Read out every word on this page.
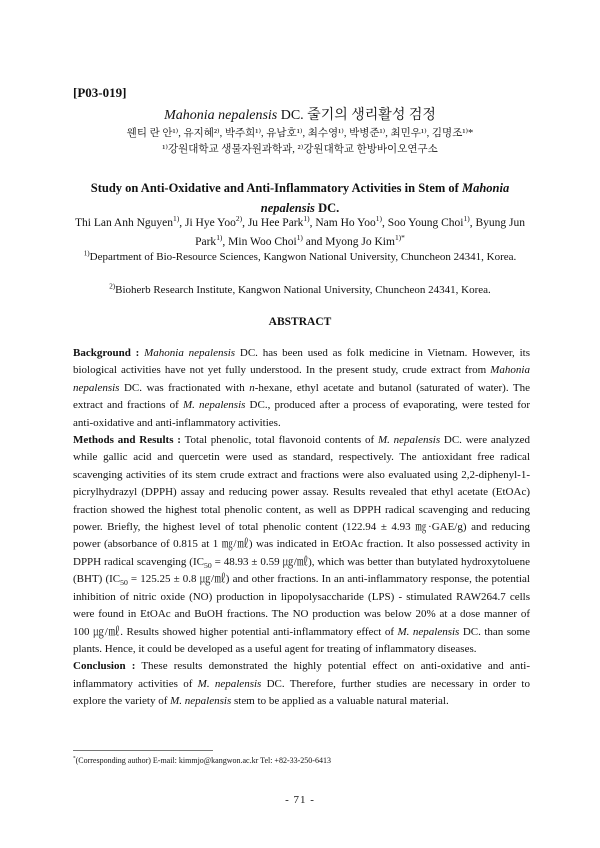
[P03-019]
Mahonia nepalensis DC. 줄기의 생리활성 검정
웬티 란 안¹⁾, 유지혜²⁾, 박주희¹⁾, 유남호¹⁾, 최수영¹⁾, 박병준¹⁾, 최민우¹⁾, 김명조¹⁾*
¹⁾강원대학교 생물자원과학과, ²⁾강원대학교 한방바이오연구소
Study on Anti-Oxidative and Anti-Inflammatory Activities in Stem of Mahonia nepalensis DC.
Thi Lan Anh Nguyen$^{1)}$, Ji Hye Yoo$^{2)}$, Ju Hee Park$^{1)}$, Nam Ho Yoo$^{1)}$, Soo Young Choi$^{1)}$, Byung Jun Park$^{1)}$, Min Woo Choi$^{1)}$ and Myong Jo Kim$^{1)*}$
$^{1)}$Department of Bio-Resource Sciences, Kangwon National University, Chuncheon 24341, Korea.
$^{2)}$Bioherb Research Institute, Kangwon National University, Chuncheon 24341, Korea.
ABSTRACT

Background : Mahonia nepalensis DC. has been used as folk medicine in Vietnam. However, its biological activities have not yet fully understood. In the present study, crude extract from Mahonia nepalensis DC. was fractionated with n-hexane, ethyl acetate and butanol (saturated of water). The extract and fractions of M. nepalensis DC., produced after a process of evaporating, were tested for anti-oxidative and anti-inflammatory activities.

Methods and Results : Total phenolic, total flavonoid contents of M. nepalensis DC. were analyzed while gallic acid and quercetin were used as standard, respectively. The antioxidant free radical scavenging activities of its stem crude extract and fractions were also evaluated using 2,2-diphenyl-1-picrylhydrazyl (DPPH) assay and reducing power assay. Results revealed that ethyl acetate (EtOAc) fraction showed the highest total phenolic content, as well as DPPH radical scavenging and reducing power. Briefly, the highest level of total phenolic content (122.94 ± 4.93 ㎎·GAE/g) and reducing power (absorbance of 0.815 at 1 ㎎/㎖) was indicated in EtOAc fraction. It also possessed activity in DPPH radical scavenging ($IC_{50} = 48.93 \pm 0.59$ ㎍/㎖), which was better than butylated hydroxytoluene (BHT) ($IC_{50} = 125.25 \pm 0.8$ ㎍/㎖) and other fractions. In an anti-inflammatory response, the potential inhibition of nitric oxide (NO) production in lipopolysaccharide (LPS) - stimulated RAW264.7 cells were found in EtOAc and BuOH fractions. The NO production was below 20% at a dose manner of 100 ㎍/㎖. Results showed higher potential anti-inflammatory effect of M. nepalensis DC. than some plants. Hence, it could be developed as a useful agent for treating of inflammatory diseases.

Conclusion : These results demonstrated the highly potential effect on anti-oxidative and anti-inflammatory activities of M. nepalensis DC. Therefore, further studies are necessary in order to explore the variety of M. nepalensis stem to be applied as a valuable natural material.

*(Corresponding author) E-mail: kimmjo@kangwon.ac.kr Tel: +82-33-250-6413
- 71 -
